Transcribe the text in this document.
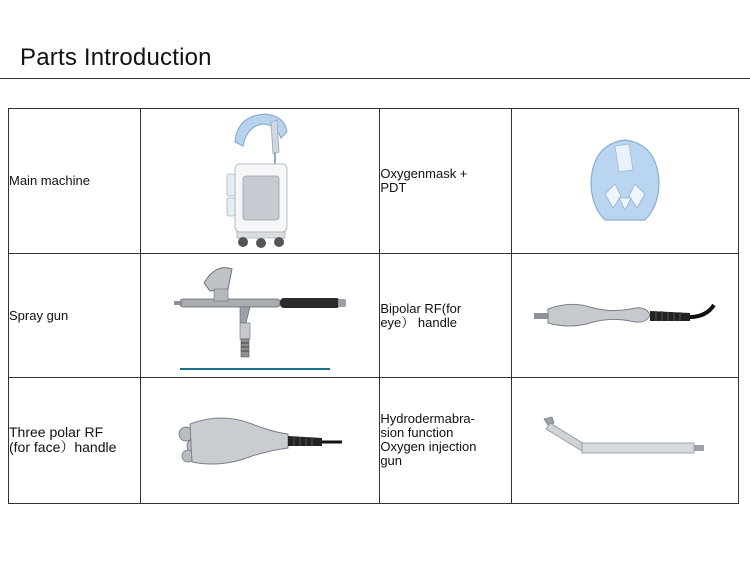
Parts Introduction
Main machine		Oxygenmask +
PDT	

Spray gun		Bipolar RF(for
eye） handle	

Three polar RF
(for face）handle		Hydrodermabra-
sion function
Oxygen injection
gun	
